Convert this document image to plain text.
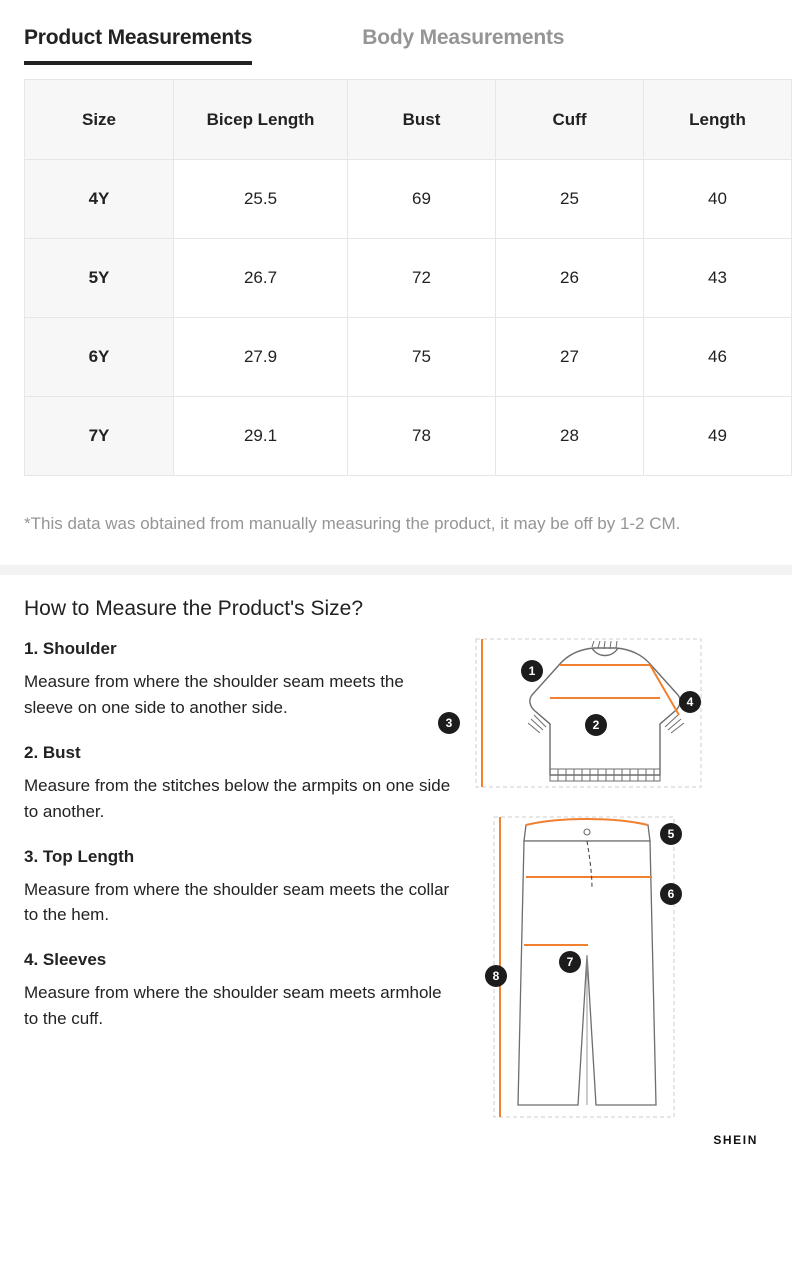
Product Measurements	Body Measurements
Size	Bicep Length	Bust	Cuff	Length
4Y	25.5	69	25	40
5Y	26.7	72	26	43
6Y	27.9	75	27	46
7Y	29.1	78	28	49

*This data was obtained from manually measuring the product, it may be off by 1-2 CM.

How to Measure the Product's Size?
1. Shoulder

Measure from where the shoulder seam meets the sleeve on one side to another side.

2. Bust

Measure from the stitches below the armpits on one side to another.

3. Top Length

Measure from where the shoulder seam meets the collar to the hem.

4. Sleeves

Measure from where the shoulder seam meets armhole to the cuff.

1
2
3
4
5
6
7
8
SHEIN
